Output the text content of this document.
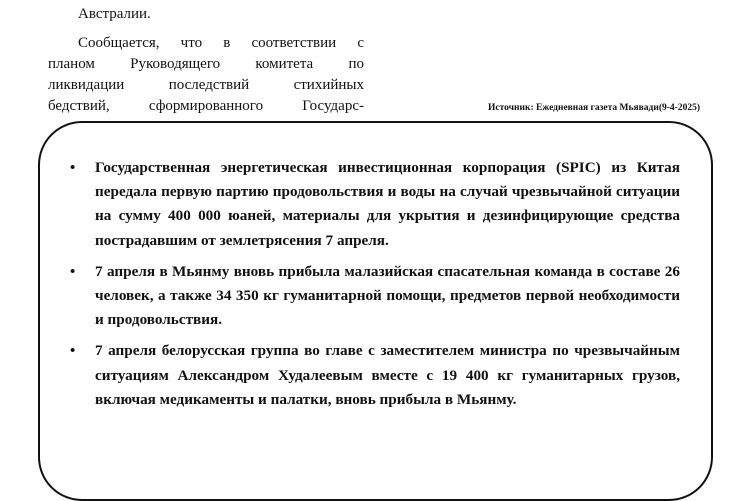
Австралии.
Сообщается, что в соответствии с
планом Руководящего комитета по
ликвидации последствий стихийных
бедствий, сформированного Государс-	Источник: Ежедневная газета Мьявади(9-4-2025)
• Государственная энергетическая инвестиционная корпорация (SPIC) из Китая передала первую партию продовольствия и воды на случай чрезвычайной ситуации на сумму 400 000 юаней, материалы для укрытия и дезинфицирующие средства пострадавшим от землетрясения 7 апреля.
• 7 апреля в Мьянму вновь прибыла малазийская спасательная команда в составе 26 человек, а также 34 350 кг гуманитарной помощи, предметов первой необходимости и продовольствия.
• 7 апреля белорусская группа во главе с заместителем министра по чрезвычайным ситуациям Александром Худалеевым вместе с 19 400 кг гуманитарных грузов, включая медикаменты и палатки, вновь прибыла в Мьянму.
